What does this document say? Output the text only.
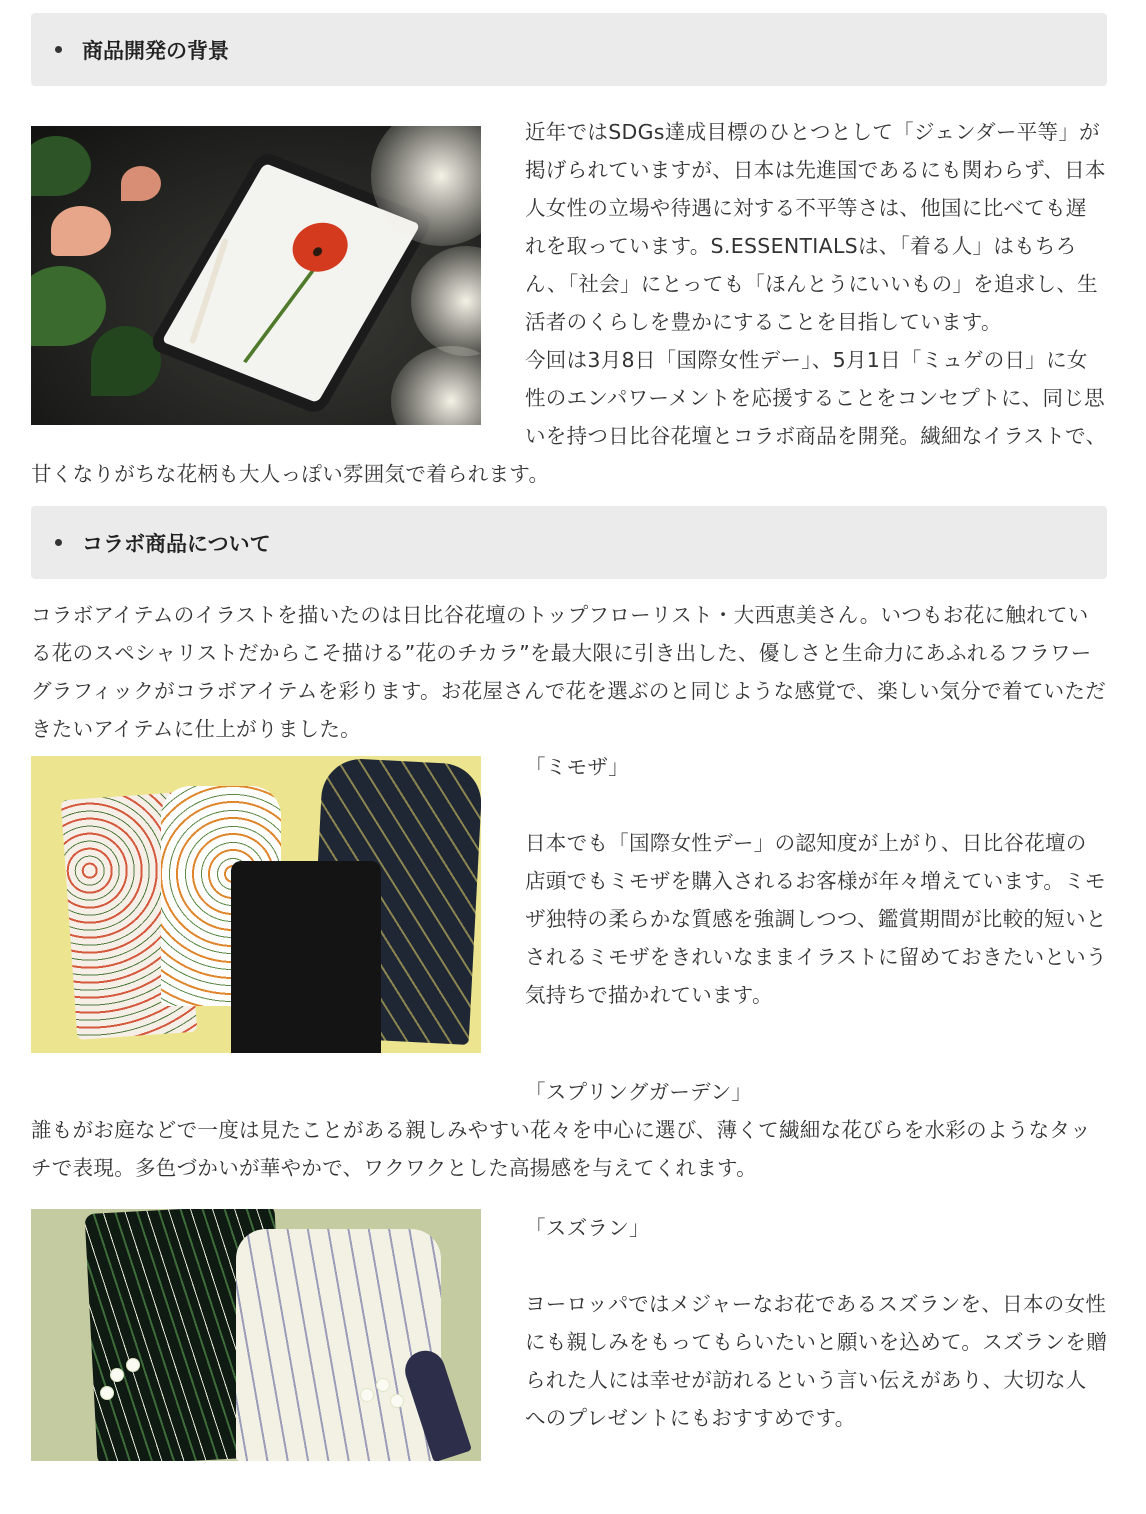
商品開発の背景

近年ではSDGs達成目標のひとつとして「ジェンダー平等」が掲げられていますが、日本は先進国であるにも関わらず、日本人女性の立場や待遇に対する不平等さは、他国に比べても遅れを取っています。S.ESSENTIALSは、「着る人」はもちろん、「社会」にとっても「ほんとうにいいもの」を追求し、生活者のくらしを豊かにすることを目指しています。

今回は3月8日「国際女性デー」、5月1日「ミュゲの日」に女性のエンパワーメントを応援することをコンセプトに、同じ思いを持つ日比谷花壇とコラボ商品を開発。繊細なイラストで、甘くなりがちな花柄も大人っぽい雰囲気で着られます。

コラボ商品について

コラボアイテムのイラストを描いたのは日比谷花壇のトップフローリスト・大西恵美さん。いつもお花に触れている花のスペシャリストだからこそ描ける”花のチカラ”を最大限に引き出した、優しさと生命力にあふれるフラワーグラフィックがコラボアイテムを彩ります。お花屋さんで花を選ぶのと同じような感覚で、楽しい気分で着ていただきたいアイテムに仕上がりました。

「ミモザ」

日本でも「国際女性デー」の認知度が上がり、日比谷花壇の店頭でもミモザを購入されるお客様が年々増えています。ミモザ独特の柔らかな質感を強調しつつ、鑑賞期間が比較的短いとされるミモザをきれいなままイラストに留めておきたいという気持ちで描かれています。

「スプリングガーデン」

誰もがお庭などで一度は見たことがある親しみやすい花々を中心に選び、薄くて繊細な花びらを水彩のようなタッチで表現。多色づかいが華やかで、ワクワクとした高揚感を与えてくれます。

「スズラン」

ヨーロッパではメジャーなお花であるスズランを、日本の女性にも親しみをもってもらいたいと願いを込めて。スズランを贈られた人には幸せが訪れるという言い伝えがあり、大切な人へのプレゼントにもおすすめです。
